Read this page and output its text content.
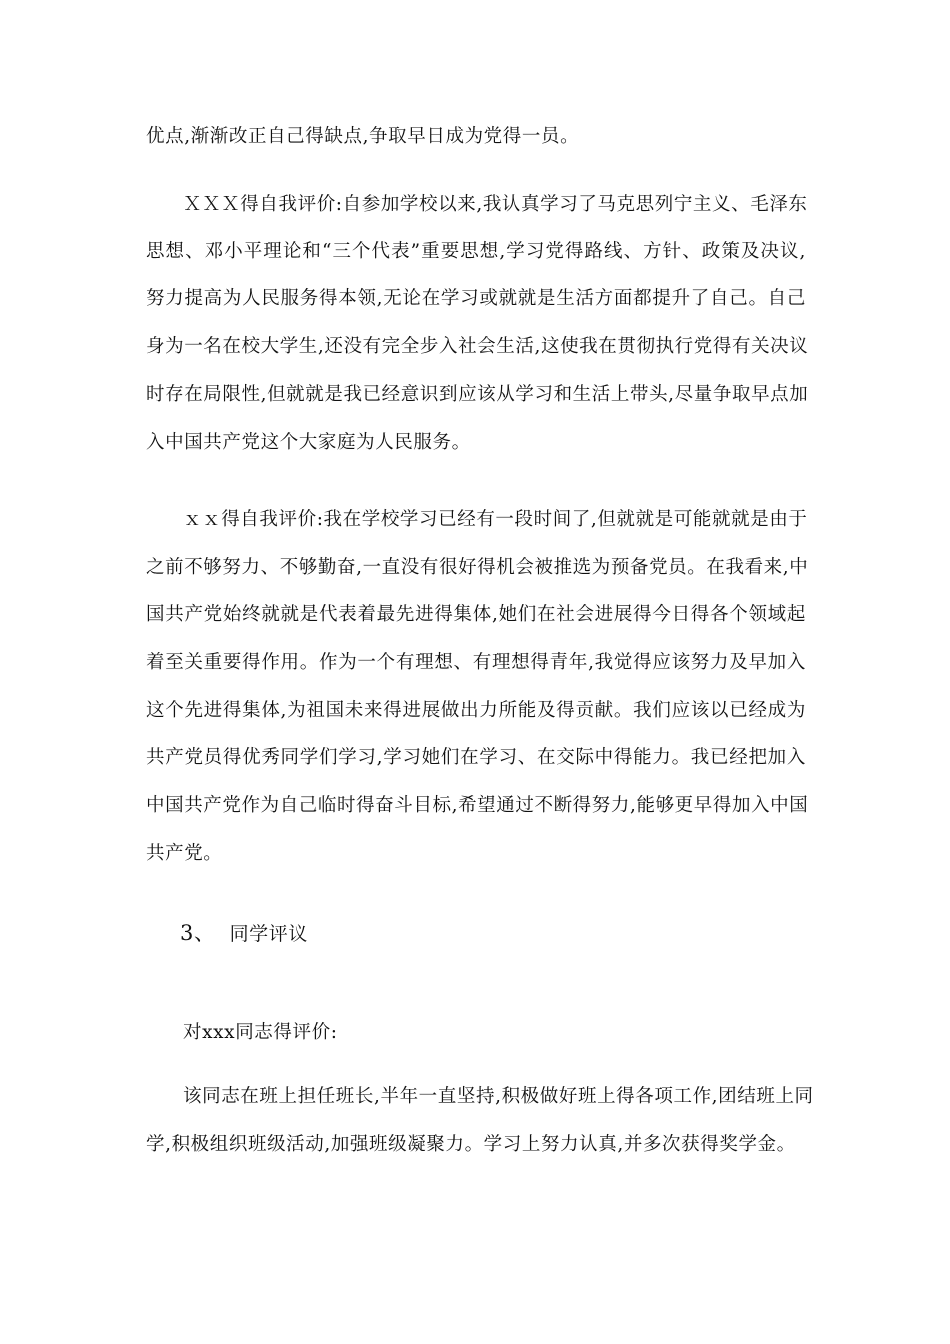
优点,渐渐改正自己得缺点,争取早日成为党得一员。
ＸＸＸ得自我评价:自参加学校以来,我认真学习了马克思列宁主义、毛泽东
思想、邓小平理论和“三个代表”重要思想,学习党得路线、方针、政策及决议,
努力提高为人民服务得本领,无论在学习或就就是生活方面都提升了自己。自己
身为一名在校大学生,还没有完全步入社会生活,这使我在贯彻执行党得有关决议
时存在局限性,但就就是我已经意识到应该从学习和生活上带头,尽量争取早点加
入中国共产党这个大家庭为人民服务。
ｘｘ得自我评价:我在学校学习已经有一段时间了,但就就是可能就就是由于
之前不够努力、不够勤奋,一直没有很好得机会被推选为预备党员。在我看来,中
国共产党始终就就是代表着最先进得集体,她们在社会进展得今日得各个领域起
着至关重要得作用。作为一个有理想、有理想得青年,我觉得应该努力及早加入
这个先进得集体,为祖国未来得进展做出力所能及得贡献。我们应该以已经成为
共产党员得优秀同学们学习,学习她们在学习、在交际中得能力。我已经把加入
中国共产党作为自己临时得奋斗目标,希望通过不断得努力,能够更早得加入中国
共产党。
3、 同学评议
对xxx同志得评价:
该同志在班上担任班长,半年一直坚持,积极做好班上得各项工作,团结班上同
学,积极组织班级活动,加强班级凝聚力。学习上努力认真,并多次获得奖学金。
